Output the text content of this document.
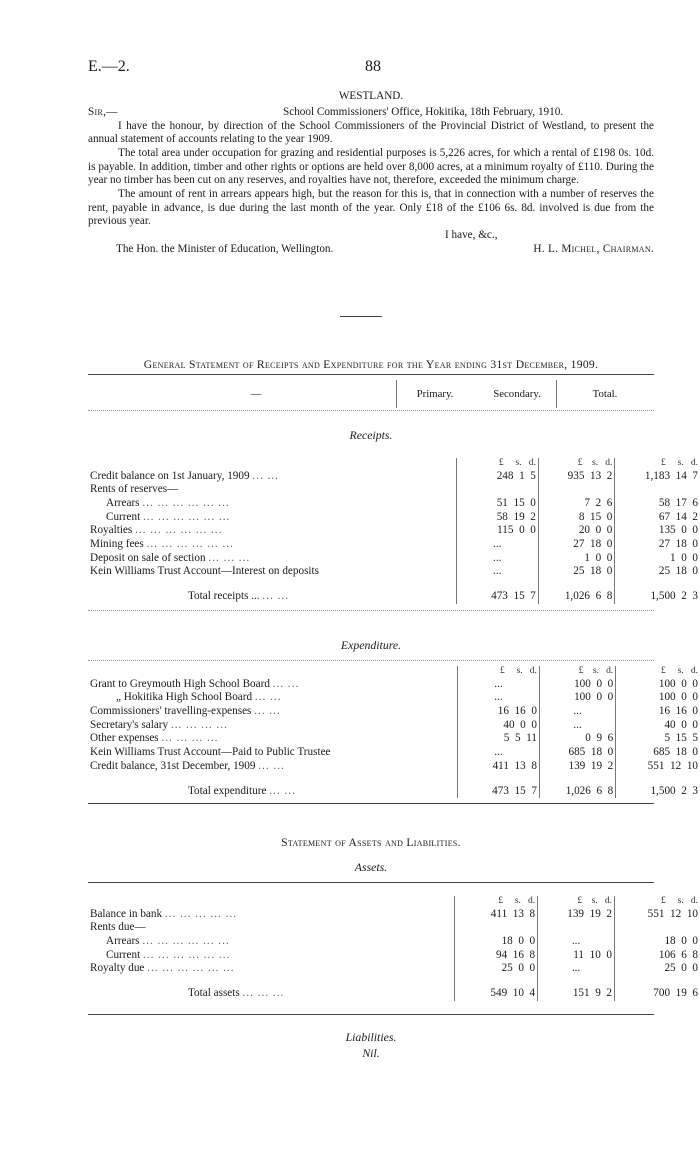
E.—2.	88
WESTLAND.
Sir,—	School Commissioners' Office, Hokitika, 18th February, 1910.

I have the honour, by direction of the School Commissioners of the Provincial District of Westland, to present the annual statement of accounts relating to the year 1909.

The total area under occupation for grazing and residential purposes is 5,226 acres, for which a rental of £198 0s. 10d. is payable. In addition, timber and other rights or options are held over 8,000 acres, at a minimum royalty of £110. During the year no timber has been cut on any reserves, and royalties have not, therefore, exceeded the minimum charge.

The amount of rent in arrears appears high, but the reason for this is, that in connection with a number of reserves the rent, payable in advance, is due during the last month of the year. Only £18 of the £106 6s. 8d. involved is due from the previous year.

I have, &c.,
The Hon. the Minister of Education, Wellington.	H. L. Michel, Chairman.
General Statement of Receipts and Expenditure for the Year ending 31st December, 1909.
—	Primary.	Secondary.	Total.
Receipts.
	£ s. d.	£ s. d.	£ s. d.
Credit balance on 1st January, 1909 ... ...	248 1 5	935 13 2	1,183 14 7
Rents of reserves—			
Arrears ... ... ... ... ... ...	51 15 0	7 2 6	58 17 6
Current ... ... ... ... ... ...	58 19 2	8 15 0	67 14 2
Royalties ... ... ... ... ... ...	115 0 0	20 0 0	135 0 0
Mining fees ... ... ... ... ... ...	...	27 18 0	27 18 0
Deposit on sale of section ... ... ...	...	1 0 0	1 0 0
Kein Williams Trust Account—Interest on deposits	...	25 18 0	25 18 0

Total receipts ... ... ...	473 15 7	1,026 6 8	1,500 2 3
Expenditure.
	£ s. d.	£ s. d.	£ s. d.
Grant to Greymouth High School Board ... ...	...	100 0 0	100 0 0
„ Hokitika High School Board ... ...	...	100 0 0	100 0 0
Commissioners' travelling-expenses ... ...	16 16 0	...	16 16 0
Secretary's salary ... ... ... ...	40 0 0	...	40 0 0
Other expenses ... ... ... ...	5 5 11	0 9 6	5 15 5
Kein Williams Trust Account—Paid to Public Trustee	...	685 18 0	685 18 0
Credit balance, 31st December, 1909 ... ...	411 13 8	139 19 2	551 12 10

Total expenditure ... ...	473 15 7	1,026 6 8	1,500 2 3
Statement of Assets and Liabilities.
Assets.
	£ s. d.	£ s. d.	£ s. d.
Balance in bank ... ... ... ... ...	411 13 8	139 19 2	551 12 10
Rents due—			
Arrears ... ... ... ... ... ...	18 0 0	...	18 0 0
Current ... ... ... ... ... ...	94 16 8	11 10 0	106 6 8
Royalty due ... ... ... ... ... ...	25 0 0	...	25 0 0

Total assets ... ... ...	549 10 4	151 9 2	700 19 6
Liabilities.
Nil.
